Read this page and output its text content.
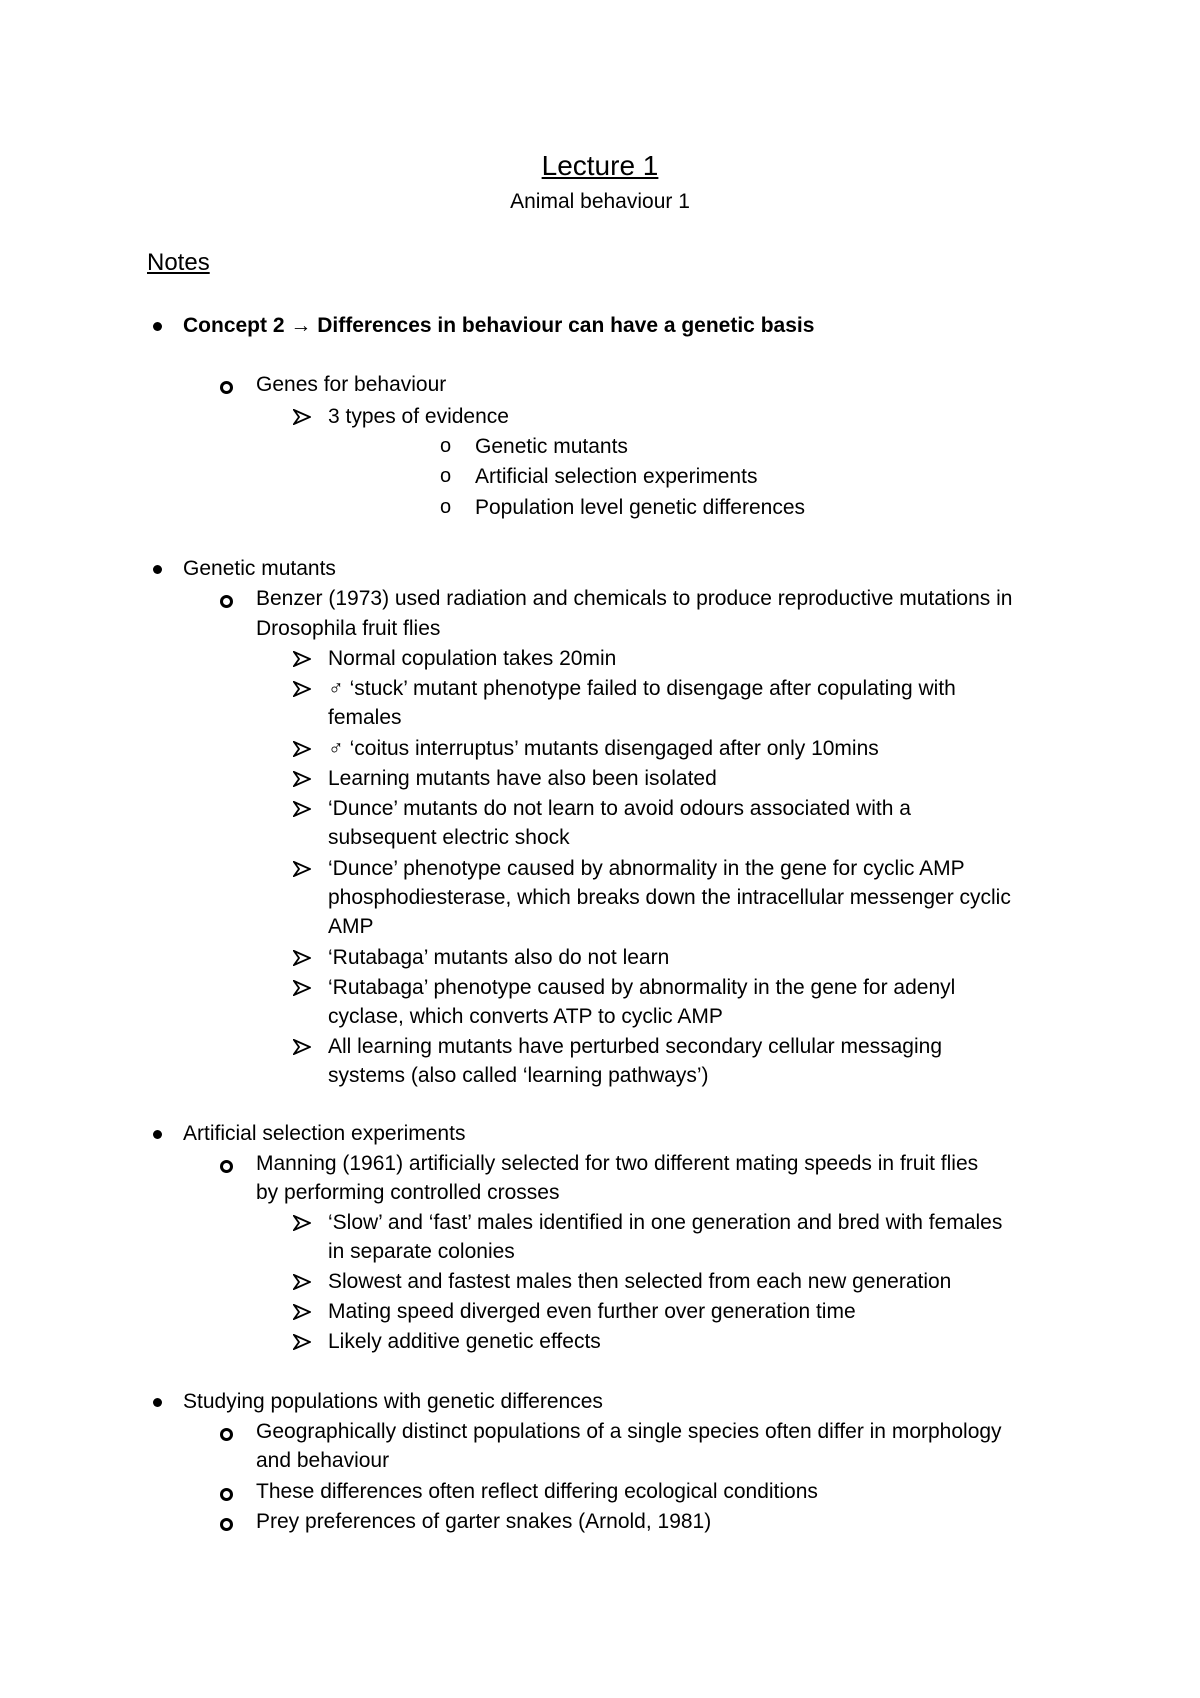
Lecture 1
Animal behaviour 1
Notes
Concept 2 → Differences in behaviour can have a genetic basis
Genes for behaviour
3 types of evidence
o Genetic mutants
o Artificial selection experiments
o Population level genetic differences
Genetic mutants
Benzer (1973) used radiation and chemicals to produce reproductive mutations in
Drosophila fruit flies
Normal copulation takes 20min
♂ ‘stuck’ mutant phenotype failed to disengage after copulating with
females
♂ ‘coitus interruptus’ mutants disengaged after only 10mins
Learning mutants have also been isolated
‘Dunce’ mutants do not learn to avoid odours associated with a
subsequent electric shock
‘Dunce’ phenotype caused by abnormality in the gene for cyclic AMP
phosphodiesterase, which breaks down the intracellular messenger cyclic
AMP
‘Rutabaga’ mutants also do not learn
‘Rutabaga’ phenotype caused by abnormality in the gene for adenyl
cyclase, which converts ATP to cyclic AMP
All learning mutants have perturbed secondary cellular messaging
systems (also called ‘learning pathways’)
Artificial selection experiments
Manning (1961) artificially selected for two different mating speeds in fruit flies
by performing controlled crosses
‘Slow’ and ‘fast’ males identified in one generation and bred with females
in separate colonies
Slowest and fastest males then selected from each new generation
Mating speed diverged even further over generation time
Likely additive genetic effects
Studying populations with genetic differences
Geographically distinct populations of a single species often differ in morphology
and behaviour
These differences often reflect differing ecological conditions
Prey preferences of garter snakes (Arnold, 1981)
